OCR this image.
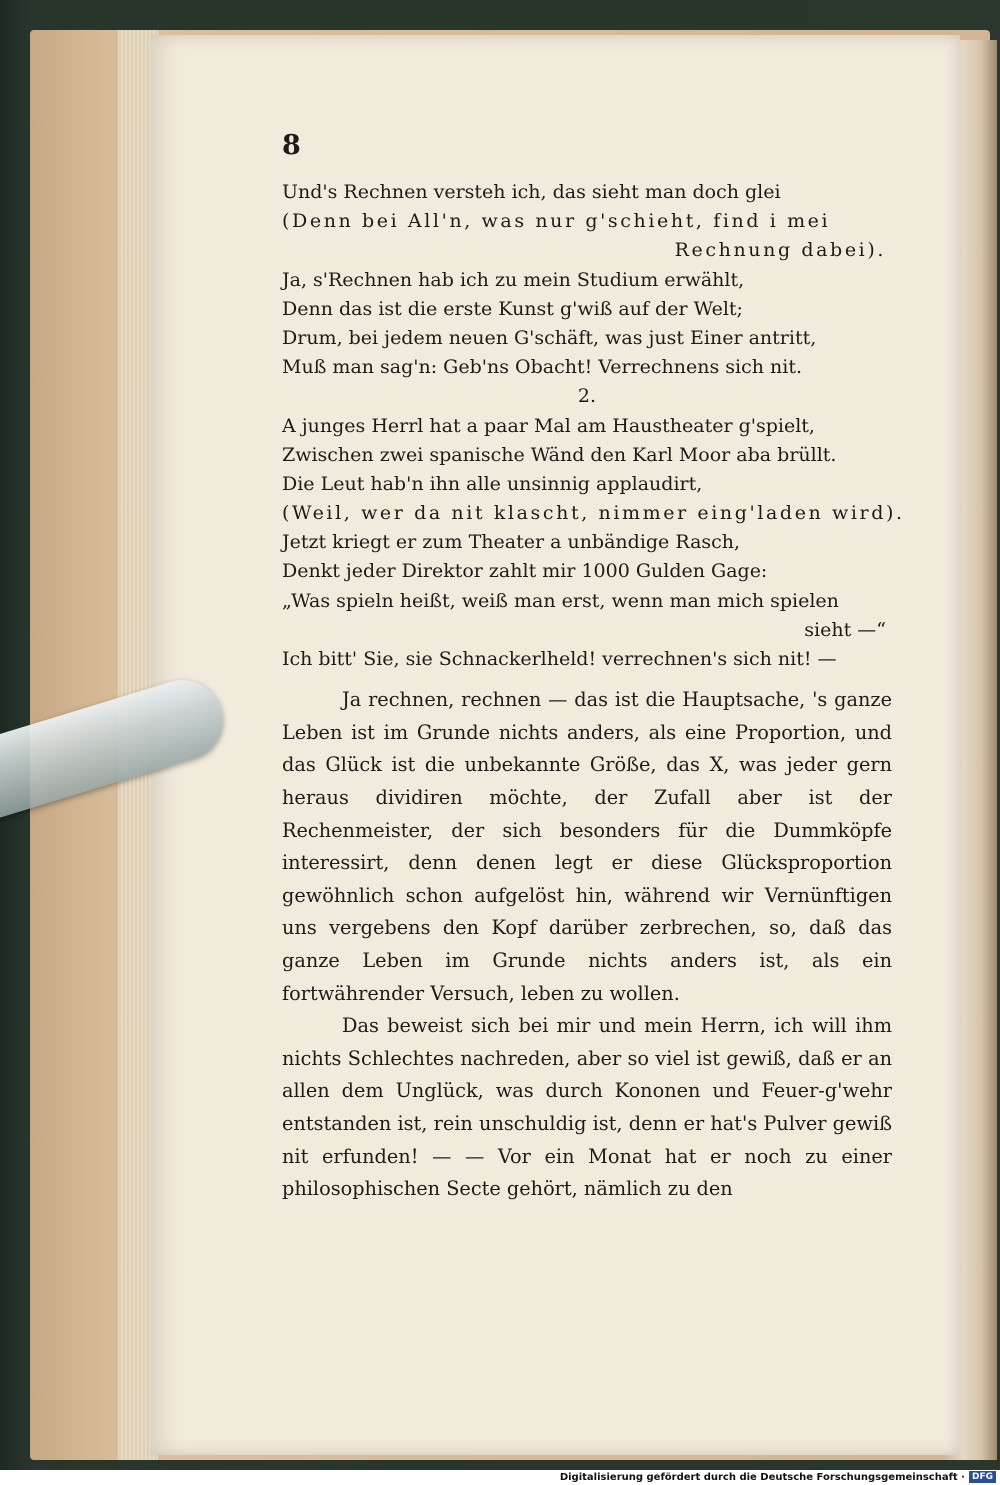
8
Und's Rechnen versteh ich, das sieht man doch glei
(Denn bei All'n, was nur g'schieht, find i mei
Rechnung dabei).
Ja, s'Rechnen hab ich zu mein Studium erwählt,
Denn das ist die erste Kunst g'wiß auf der Welt;
Drum, bei jedem neuen G'schäft, was just Einer antritt,
Muß man sag'n: Geb'ns Obacht! Verrechnens sich nit.
2.
A junges Herrl hat a paar Mal am Haustheater g'spielt,
Zwischen zwei spanische Wänd den Karl Moor aba brüllt.
Die Leut hab'n ihn alle unsinnig applaudirt,
(Weil, wer da nit klascht, nimmer eing'laden wird).
Jetzt kriegt er zum Theater a unbändige Rasch,
Denkt jeder Direktor zahlt mir 1000 Gulden Gage:
„Was spieln heißt, weiß man erst, wenn man mich spielen
sieht —“
Ich bitt' Sie, sie Schnackerlheld! verrechnen's sich nit! —

Ja rechnen, rechnen — das ist die Hauptsache, 's ganze Leben ist im Grunde nichts anders, als eine Proportion, und das Glück ist die unbekannte Größe, das X, was jeder gern heraus dividiren möchte, der Zufall aber ist der Rechenmeister, der sich besonders für die Dummköpfe interessirt, denn denen legt er diese Glücksproportion gewöhnlich schon aufgelöst hin, während wir Vernünftigen uns vergebens den Kopf darüber zerbrechen, so, daß das ganze Leben im Grunde nichts anders ist, als ein fortwährender Versuch, leben zu wollen.

Das beweist sich bei mir und mein Herrn, ich will ihm nichts Schlechtes nachreden, aber so viel ist gewiß, daß er an allen dem Unglück, was durch Kononen und Feuer-g'wehr entstanden ist, rein unschuldig ist, denn er hat's Pulver gewiß nit erfunden! — — Vor ein Monat hat er noch zu einer philosophischen Secte gehört, nämlich zu den

Digitalisierung gefördert durch die Deutsche Forschungsgemeinschaft · DFG
